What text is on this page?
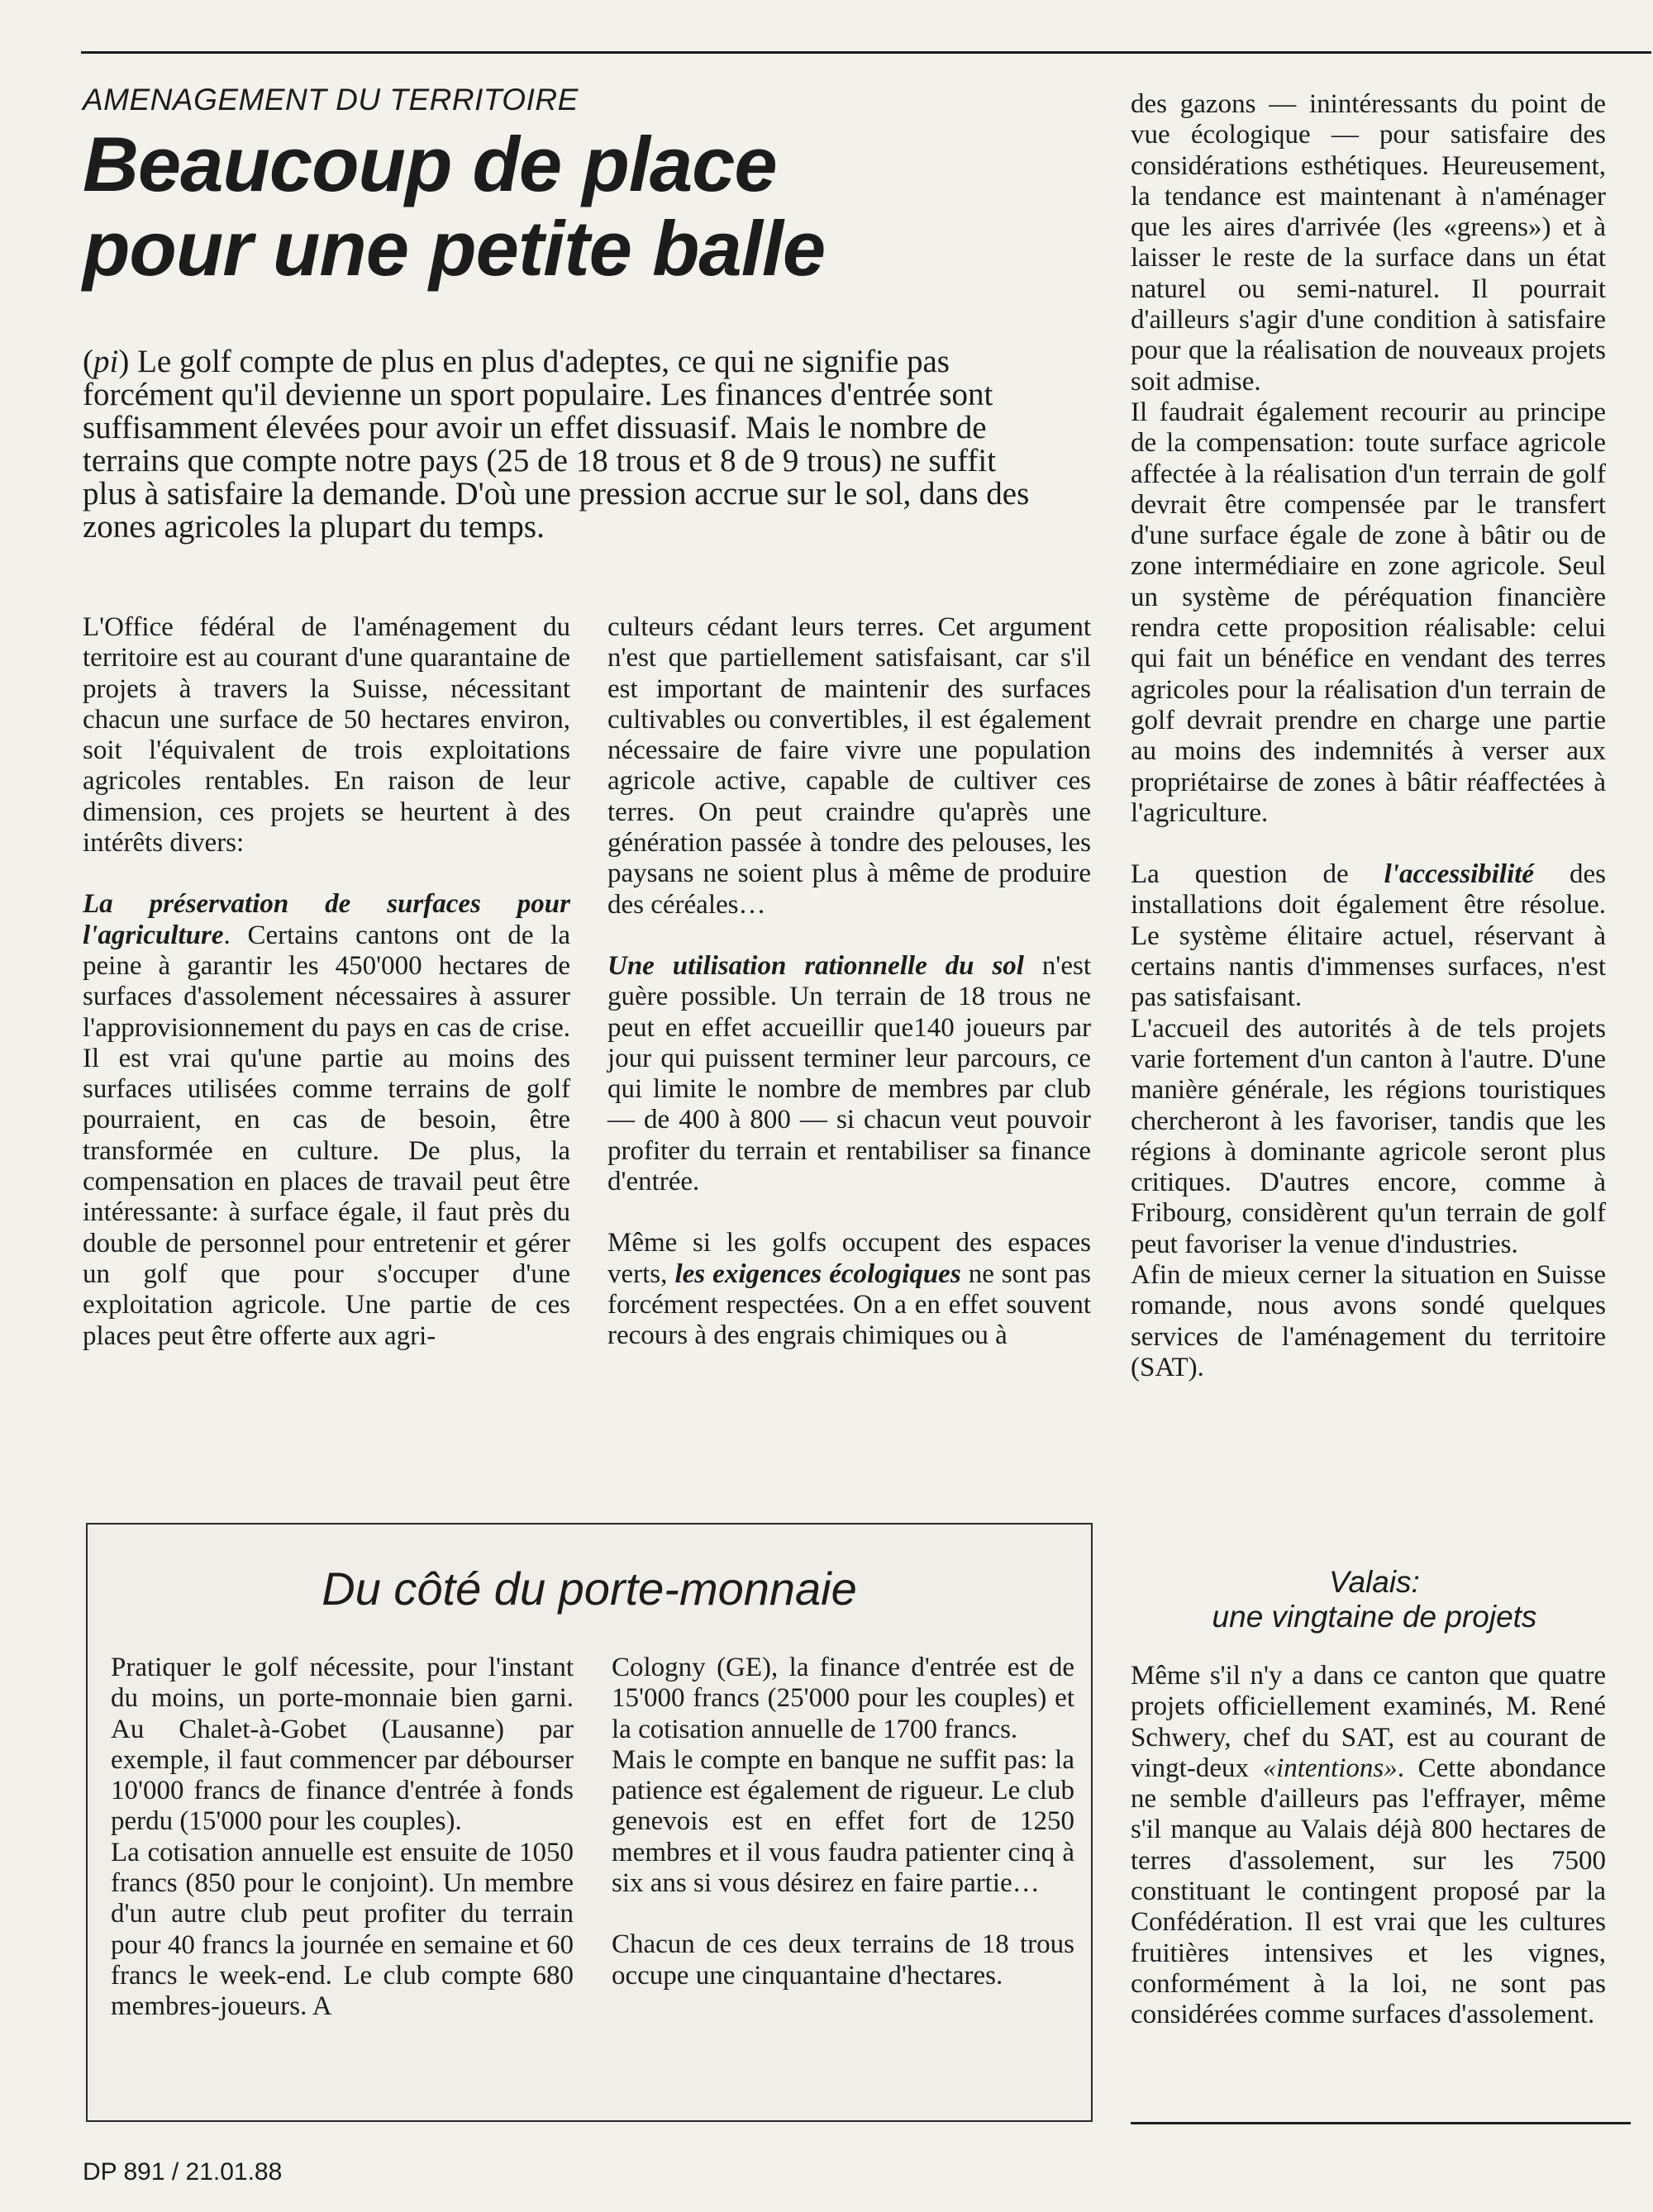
AMENAGEMENT DU TERRITOIRE

Beaucoup de place
pour une petite balle

(pi) Le golf compte de plus en plus d'adeptes, ce qui ne signifie pas forcément qu'il devienne un sport populaire. Les finances d'entrée sont suffisamment élevées pour avoir un effet dissuasif. Mais le nombre de terrains que compte notre pays (25 de 18 trous et 8 de 9 trous) ne suffit plus à satisfaire la demande. D'où une pression accrue sur le sol, dans des zones agricoles la plupart du temps.

L'Office fédéral de l'aménagement du territoire est au courant d'une quarantaine de projets à travers la Suisse, nécessitant chacun une surface de 50 hectares environ, soit l'équivalent de trois exploitations agricoles rentables. En raison de leur dimension, ces projets se heurtent à des intérêts divers:

La préservation de surfaces pour l'agriculture. Certains cantons ont de la peine à garantir les 450'000 hectares de surfaces d'assolement nécessaires à assurer l'approvisionnement du pays en cas de crise. Il est vrai qu'une partie au moins des surfaces utilisées comme terrains de golf pourraient, en cas de besoin, être transformée en culture. De plus, la compensation en places de travail peut être intéressante: à surface égale, il faut près du double de personnel pour entretenir et gérer un golf que pour s'occuper d'une exploitation agricole. Une partie de ces places peut être offerte aux agri-

culteurs cédant leurs terres. Cet argument n'est que partiellement satisfaisant, car s'il est important de maintenir des surfaces cultivables ou convertibles, il est également nécessaire de faire vivre une population agricole active, capable de cultiver ces terres. On peut craindre qu'après une génération passée à tondre des pelouses, les paysans ne soient plus à même de produire des céréales…

Une utilisation rationnelle du sol n'est guère possible. Un terrain de 18 trous ne peut en effet accueillir que140 joueurs par jour qui puissent terminer leur parcours, ce qui limite le nombre de membres par club — de 400 à 800 — si chacun veut pouvoir profiter du terrain et rentabiliser sa finance d'entrée.

Même si les golfs occupent des espaces verts, les exigences écologiques ne sont pas forcément respectées. On a en effet souvent recours à des engrais chimiques ou à

des gazons — inintéressants du point de vue écologique — pour satisfaire des considérations esthétiques. Heureusement, la tendance est maintenant à n'aménager que les aires d'arrivée (les «greens») et à laisser le reste de la surface dans un état naturel ou semi-naturel. Il pourrait d'ailleurs s'agir d'une condition à satisfaire pour que la réalisation de nouveaux projets soit admise.

Il faudrait également recourir au principe de la compensation: toute surface agricole affectée à la réalisation d'un terrain de golf devrait être compensée par le transfert d'une surface égale de zone à bâtir ou de zone intermédiaire en zone agricole. Seul un système de péréquation financière rendra cette proposition réalisable: celui qui fait un bénéfice en vendant des terres agricoles pour la réalisation d'un terrain de golf devrait prendre en charge une partie au moins des indemnités à verser aux propriétairse de zones à bâtir réaffectées à l'agriculture.

La question de l'accessibilité des installations doit également être résolue. Le système élitaire actuel, réservant à certains nantis d'immenses surfaces, n'est pas satisfaisant.

L'accueil des autorités à de tels projets varie fortement d'un canton à l'autre. D'une manière générale, les régions touristiques chercheront à les favoriser, tandis que les régions à dominante agricole seront plus critiques. D'autres encore, comme à Fribourg, considèrent qu'un terrain de golf peut favoriser la venue d'industries.

Afin de mieux cerner la situation en Suisse romande, nous avons sondé quelques services de l'aménagement du territoire (SAT).

Valais:
une vingtaine de projets

Même s'il n'y a dans ce canton que quatre projets officiellement examinés, M. René Schwery, chef du SAT, est au courant de vingt-deux «intentions». Cette abondance ne semble d'ailleurs pas l'effrayer, même s'il manque au Valais déjà 800 hectares de terres d'assolement, sur les 7500 constituant le contingent proposé par la Confédération. Il est vrai que les cultures fruitières intensives et les vignes, conformément à la loi, ne sont pas considérées comme surfaces d'assolement.

Du côté du porte-monnaie

Pratiquer le golf nécessite, pour l'instant du moins, un porte-monnaie bien garni. Au Chalet-à-Gobet (Lausanne) par exemple, il faut commencer par débourser 10'000 francs de finance d'entrée à fonds perdu (15'000 pour les couples).

La cotisation annuelle est ensuite de 1050 francs (850 pour le conjoint). Un membre d'un autre club peut profiter du terrain pour 40 francs la journée en semaine et 60 francs le week-end. Le club compte 680 membres-joueurs. A

Cologny (GE), la finance d'entrée est de 15'000 francs (25'000 pour les couples) et la cotisation annuelle de 1700 francs.

Mais le compte en banque ne suffit pas: la patience est également de rigueur. Le club genevois est en effet fort de 1250 membres et il vous faudra patienter cinq à six ans si vous désirez en faire partie…

Chacun de ces deux terrains de 18 trous occupe une cinquantaine d'hectares.

DP 891 / 21.01.88
